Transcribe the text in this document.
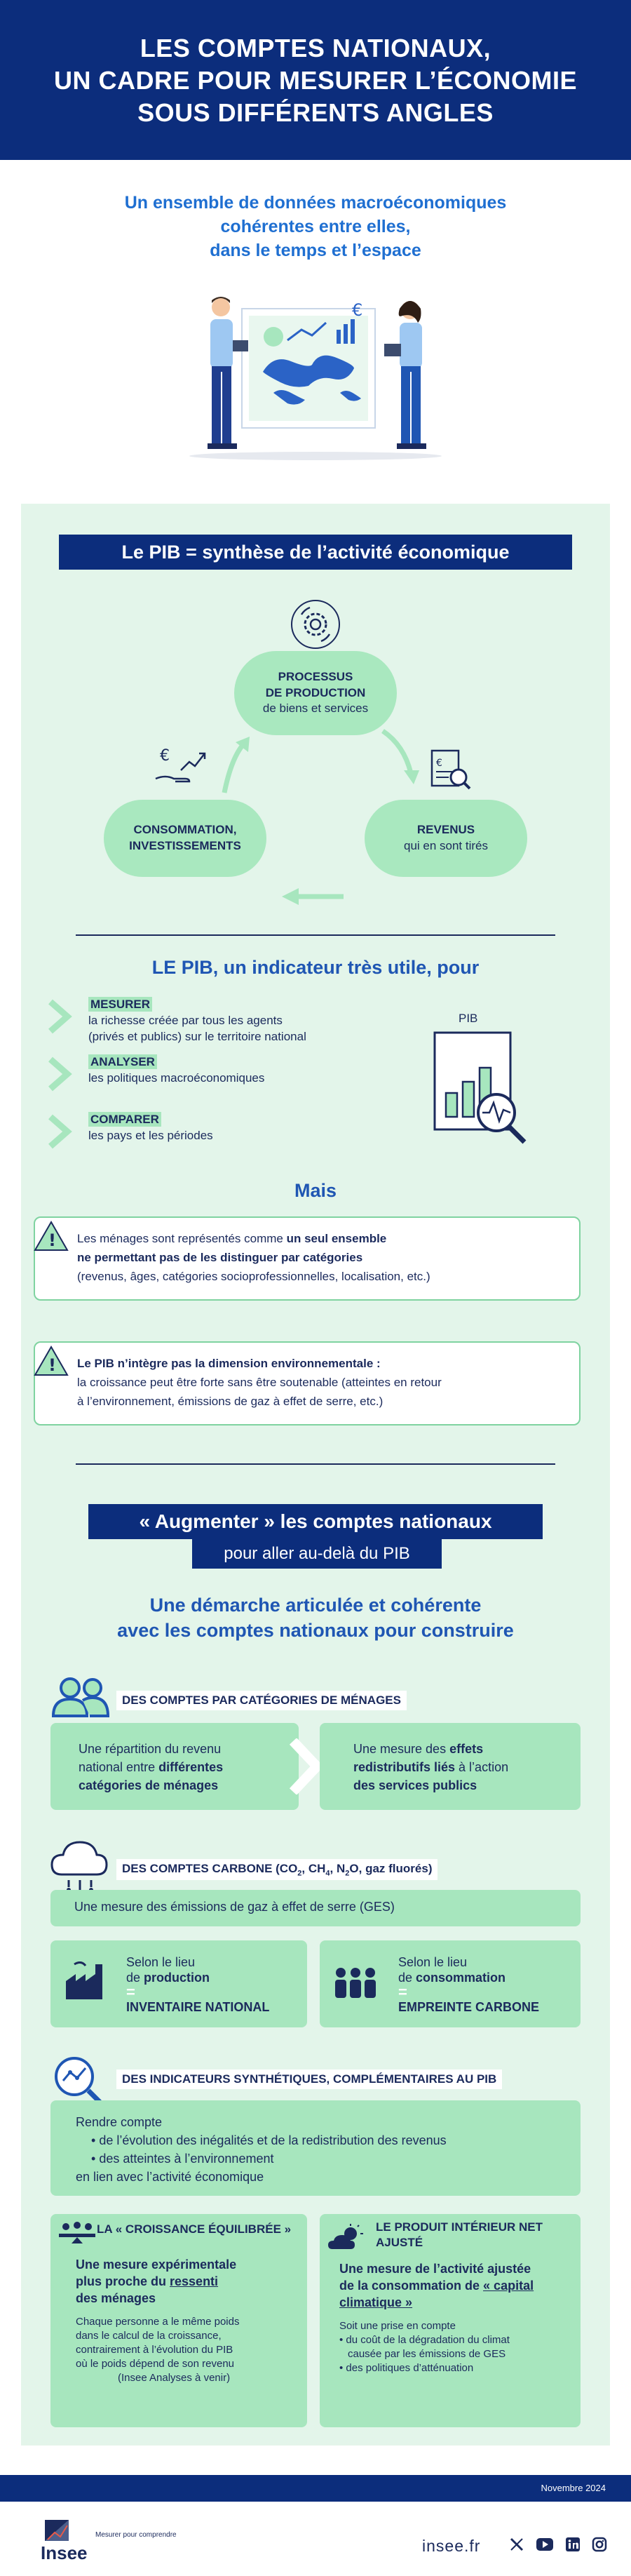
LES COMPTES NATIONAUX,
UN CADRE POUR MESURER L’ÉCONOMIE
SOUS DIFFÉRENTS ANGLES
Un ensemble de données macroéconomiques
cohérentes entre elles,
dans le temps et l’espace
€
Le PIB = synthèse de l’activité économique
PROCESSUS
DE PRODUCTION
de biens et services
€
CONSOMMATION,
INVESTISSEMENTS
€
REVENUS
qui en sont tirés
LE PIB, un indicateur très utile, pour
MESURER
la richesse créée par tous les agents
(privés et publics) sur le territoire national
ANALYSER
les politiques macroéconomiques
COMPARER
les pays et les périodes
PIB
Mais
! Les ménages sont représentés comme un seul ensemble
ne permettant pas de les distinguer par catégories
(revenus, âges, catégories socioprofessionnelles, localisation, etc.)
! Le PIB n’intègre pas la dimension environnementale :
la croissance peut être forte sans être soutenable (atteintes en retour
à l’environnement, émissions de gaz à effet de serre, etc.)
« Augmenter » les comptes nationaux
pour aller au-delà du PIB
Une démarche articulée et cohérente
avec les comptes nationaux pour construire
DES COMPTES PAR CATÉGORIES DE MÉNAGES
Une répartition du revenu
national entre différentes
catégories de ménages
Une mesure des effets
redistributifs liés à l’action
des services publics
DES COMPTES CARBONE ($CO_2$, $CH_4$, $N_2O$, gaz fluorés)
Une mesure des émissions de gaz à effet de serre (GES)
Selon le lieu
de production
=
INVENTAIRE NATIONAL
Selon le lieu
de consommation
=
EMPREINTE CARBONE
DES INDICATEURS SYNTHÉTIQUES, COMPLÉMENTAIRES AU PIB
Rendre compte
• de l’évolution des inégalités et de la redistribution des revenus
• des atteintes à l’environnement
en lien avec l’activité économique
LA « CROISSANCE ÉQUILIBRÉE »
Une mesure expérimentale
plus proche du ressenti
des ménages
Chaque personne a le même poids
dans le calcul de la croissance,
contrairement à l’évolution du PIB
où le poids dépend de son revenu
(Insee Analyses à venir)
LE PRODUIT INTÉRIEUR NET
AJUSTÉ
Une mesure de l’activité ajustée
de la consommation de « capital
climatique »
Soit une prise en compte
• du coût de la dégradation du climat
causée par les émissions de GES
• des politiques d’atténuation
Novembre 2024
Insee
Mesurer pour comprendre
insee.fr
